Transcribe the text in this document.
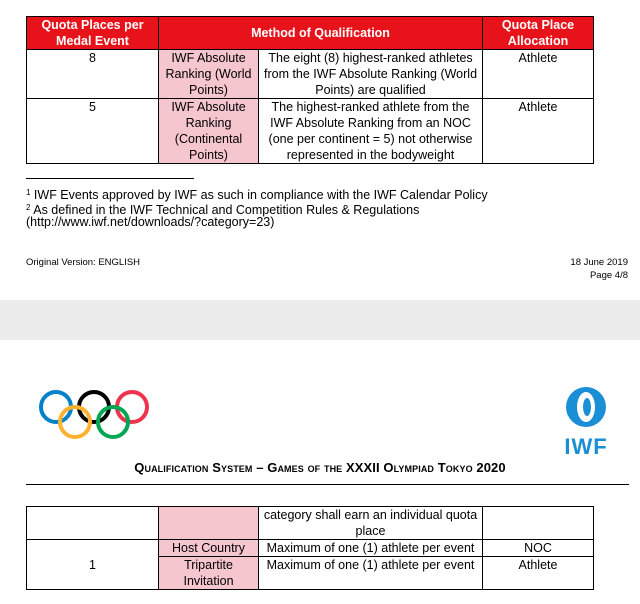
Quota Places per Medal Event	Method of Qualification		Quota Place Allocation
8	IWF Absolute Ranking (World Points)	The eight (8) highest-ranked athletes from the IWF Absolute Ranking (World Points) are qualified	Athlete
5	IWF Absolute Ranking (Continental Points)	The highest-ranked athlete from the IWF Absolute Ranking from an NOC (one per continent = 5) not otherwise represented in the bodyweight	Athlete
$^1$ IWF Events approved by IWF as such in compliance with the IWF Calendar Policy
$^2$ As defined in the IWF Technical and Competition Rules & Regulations
(http://www.iwf.net/downloads/?category=23)
Original Version: ENGLISH	18 June 2019
Page 4/8
IWF
Qualification System – Games of the XXXII Olympiad Tokyo 2020
		category shall earn an individual quota place	
1	Host Country	Maximum of one (1) athlete per event	NOC
	Tripartite Invitation	Maximum of one (1) athlete per event	Athlete
